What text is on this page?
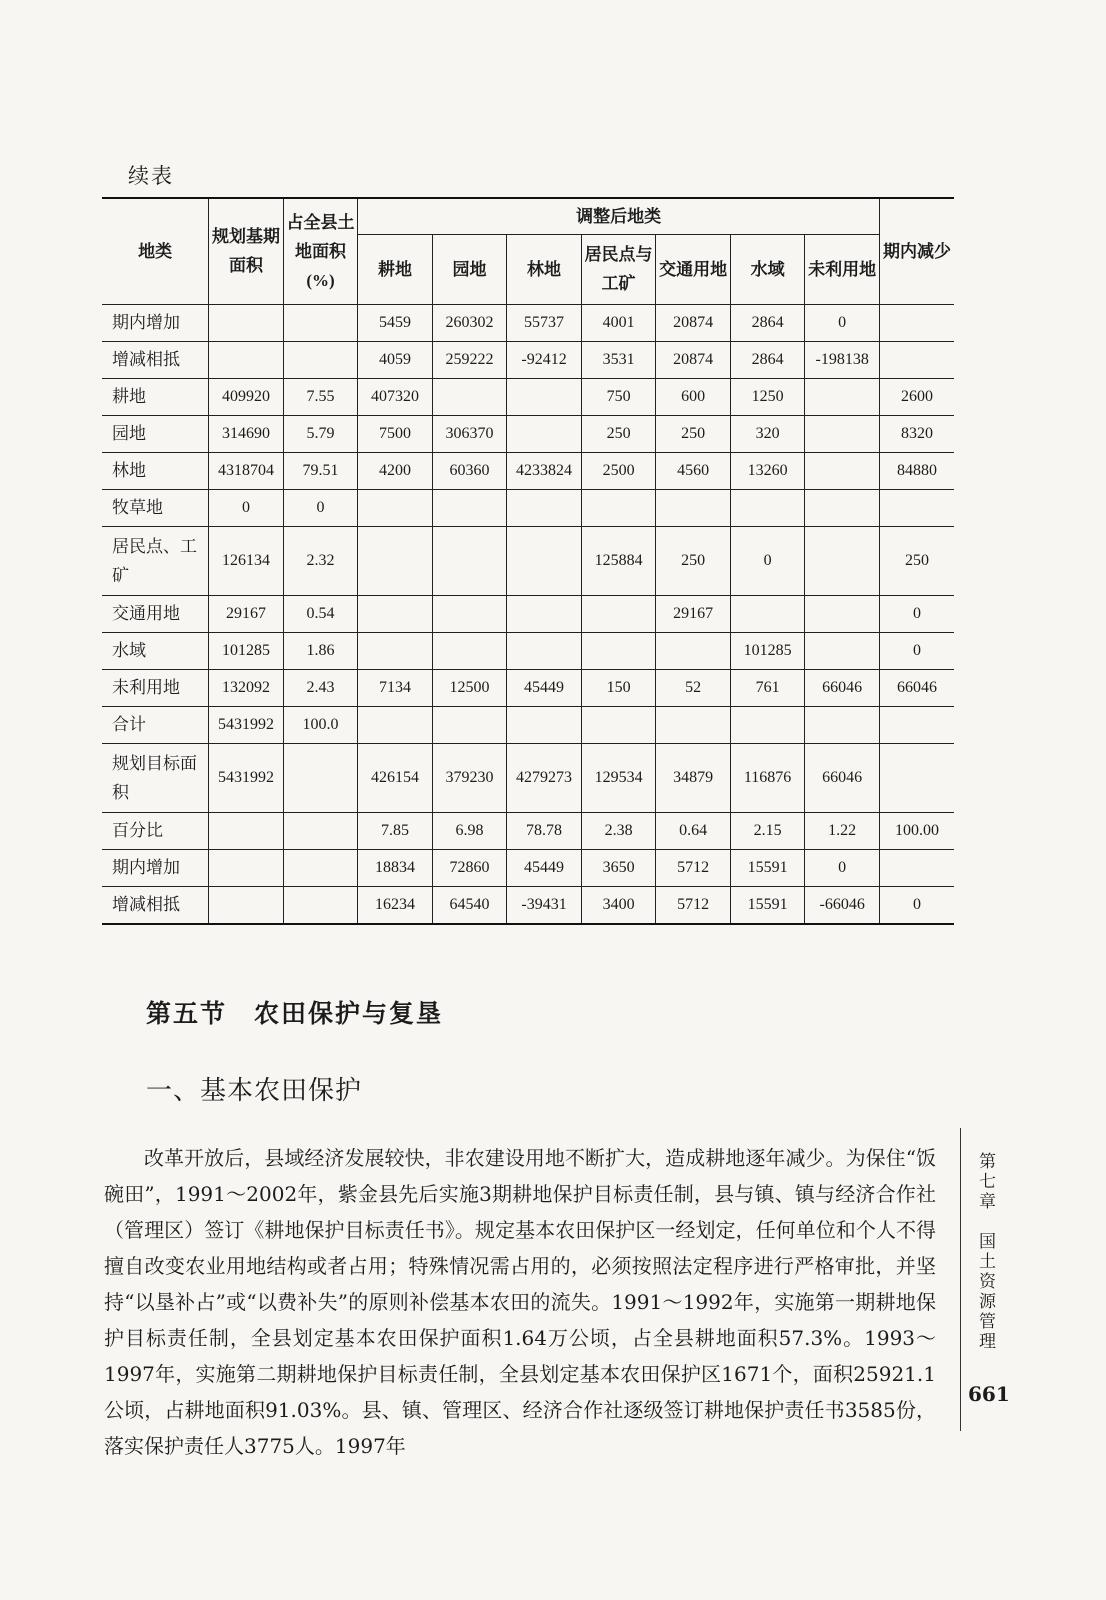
续表
地类	规划基期面积	占全县土地面积(%)	调整后地类							期内减少
			耕地	园地	林地	居民点与工矿	交通用地	水域	未利用地	
期内增加			5459	260302	55737	4001	20874	2864	0	
增减相抵			4059	259222	-92412	3531	20874	2864	-198138	
耕地	409920	7.55	407320			750	600	1250		2600
园地	314690	5.79	7500	306370		250	250	320		8320
林地	4318704	79.51	4200	60360	4233824	2500	4560	13260		84880
牧草地	0	0								
居民点、工矿	126134	2.32				125884	250	0		250
交通用地	29167	0.54					29167			0
水域	101285	1.86						101285		0
未利用地	132092	2.43	7134	12500	45449	150	52	761	66046	66046
合计	5431992	100.0								
规划目标面积	5431992		426154	379230	4279273	129534	34879	116876	66046	
百分比			7.85	6.98	78.78	2.38	0.64	2.15	1.22	100.00
期内增加			18834	72860	45449	3650	5712	15591	0	
增减相抵			16234	64540	-39431	3400	5712	15591	-66046	0
第五节　农田保护与复垦
一、基本农田保护

改革开放后，县域经济发展较快，非农建设用地不断扩大，造成耕地逐年减少。为保住“饭碗田”，1991～2002年，紫金县先后实施3期耕地保护目标责任制，县与镇、镇与经济合作社（管理区）签订《耕地保护目标责任书》。规定基本农田保护区一经划定，任何单位和个人不得擅自改变农业用地结构或者占用；特殊情况需占用的，必须按照法定程序进行严格审批，并坚持“以垦补占”或“以费补失”的原则补偿基本农田的流失。1991～1992年，实施第一期耕地保护目标责任制，全县划定基本农田保护面积1.64万公顷，占全县耕地面积57.3%。1993～1997年，实施第二期耕地保护目标责任制，全县划定基本农田保护区1671个，面积25921.1公顷，占耕地面积91.03%。县、镇、管理区、经济合作社逐级签订耕地保护责任书3585份，落实保护责任人3775人。1997年

第七章　国土资源管理
661
